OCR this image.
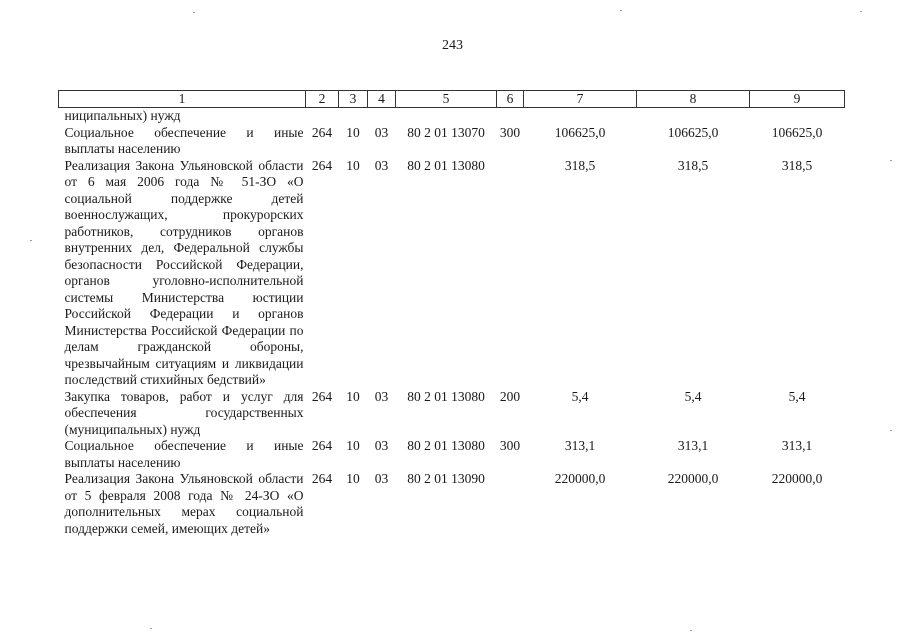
243
1	2	3	4	5	6	7	8	9
ниципальных) нужд								
Социальное обеспечение и иные выплаты населению	264	10	03	80 2 01 13070	300	106625,0	106625,0	106625,0
Реализация Закона Ульяновской области от 6 мая 2006 года № 51-ЗО «О социальной поддержке детей военнослужащих, прокурорских работников, сотрудников органов внутренних дел, Федеральной службы безопасности Российской Федерации, органов уголовно-исполнительной системы Министерства юстиции Российской Федерации и органов Министерства Российской Федерации по делам гражданской обороны, чрезвычайным ситуациям и ликвидации последствий стихийных бедствий»	264	10	03	80 2 01 13080		318,5	318,5	318,5
Закупка товаров, работ и услуг для обеспечения государственных (муниципальных) нужд	264	10	03	80 2 01 13080	200	5,4	5,4	5,4
Социальное обеспечение и иные выплаты населению	264	10	03	80 2 01 13080	300	313,1	313,1	313,1
Реализация Закона Ульяновской области от 5 февраля 2008 года № 24-ЗО «О дополнительных мерах социальной поддержки семей, имеющих детей»	264	10	03	80 2 01 13090		220000,0	220000,0	220000,0
